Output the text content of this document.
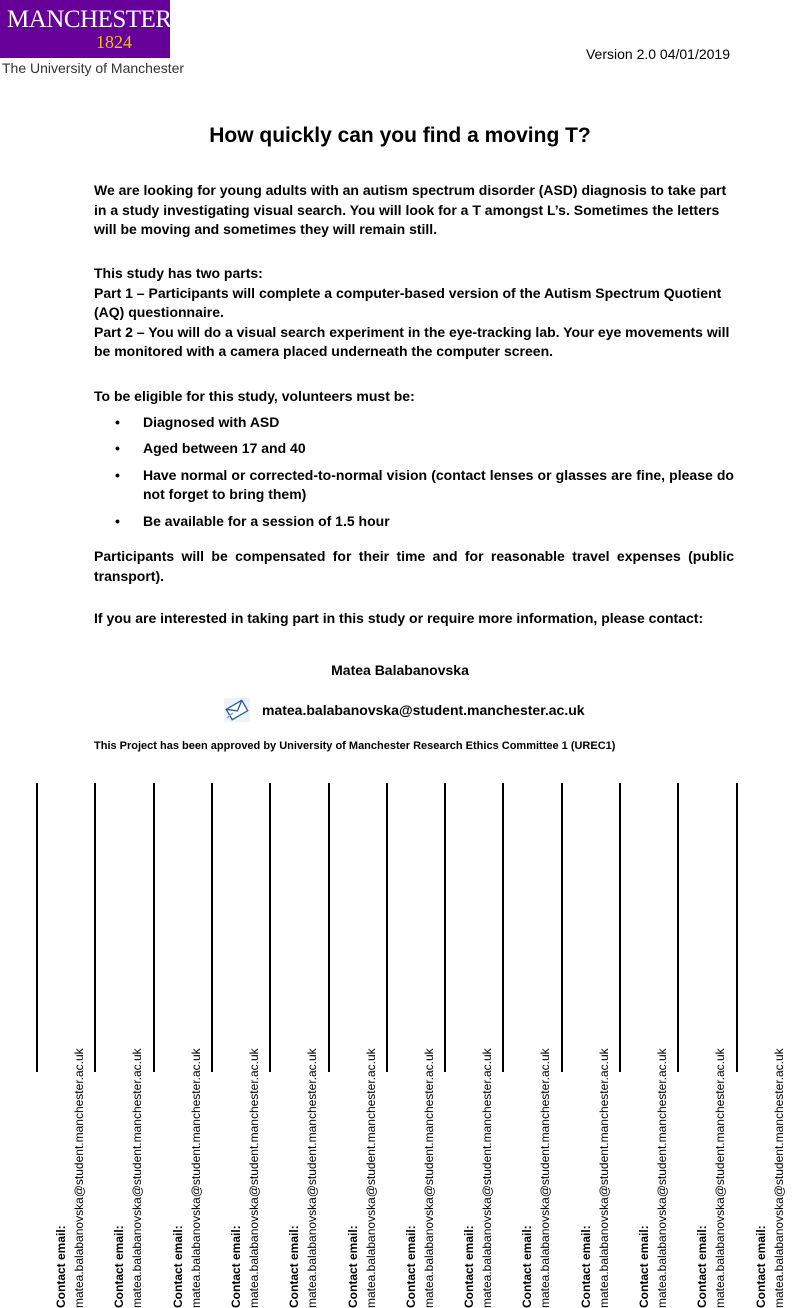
MANCHESTER
1824
The University of Manchester
Version 2.0 04/01/2019
How quickly can you find a moving T?

We are looking for young adults with an autism spectrum disorder (ASD) diagnosis to take part in a study investigating visual search. You will look for a T amongst L’s. Sometimes the letters will be moving and sometimes they will remain still.

This study has two parts:

Part 1 – Participants will complete a computer-based version of the Autism Spectrum Quotient (AQ) questionnaire.

Part 2 – You will do a visual search experiment in the eye-tracking lab. Your eye movements will be monitored with a camera placed underneath the computer screen.

To be eligible for this study, volunteers must be:

• Diagnosed with ASD
• Aged between 17 and 40
• Have normal or corrected-to-normal vision (contact lenses or glasses are fine, please do not forget to bring them)
• Be available for a session of 1.5 hour

Participants will be compensated for their time and for reasonable travel expenses (public transport).

If you are interested in taking part in this study or require more information, please contact:

Matea Balabanovska
matea.balabanovska@student.manchester.ac.uk
This Project has been approved by University of Manchester Research Ethics Committee 1 (UREC1)
Contact email: matea.balabanovska@student.manchester.ac.uk Contact email: matea.balabanovska@student.manchester.ac.uk Contact email: matea.balabanovska@student.manchester.ac.uk Contact email: matea.balabanovska@student.manchester.ac.uk Contact email: matea.balabanovska@student.manchester.ac.uk Contact email: matea.balabanovska@student.manchester.ac.uk Contact email: matea.balabanovska@student.manchester.ac.uk Contact email: matea.balabanovska@student.manchester.ac.uk Contact email: matea.balabanovska@student.manchester.ac.uk Contact email: matea.balabanovska@student.manchester.ac.uk Contact email: matea.balabanovska@student.manchester.ac.uk Contact email: matea.balabanovska@student.manchester.ac.uk Contact email: matea.balabanovska@student.manchester.ac.uk
